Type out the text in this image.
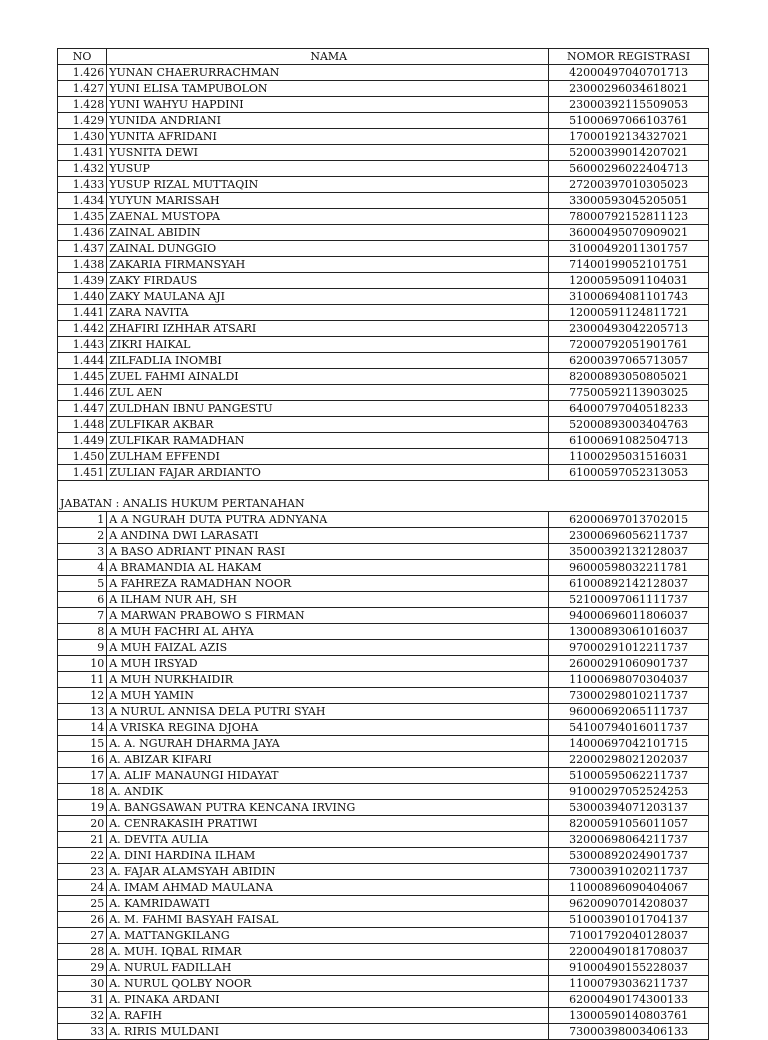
NO	NAMA	NOMOR REGISTRASI
1.426	YUNAN CHAERURRACHMAN	42000497040701713
1.427	YUNI ELISA TAMPUBOLON	23000296034618021
1.428	YUNI WAHYU HAPDINI	23000392115509053
1.429	YUNIDA ANDRIANI	51000697066103761
1.430	YUNITA AFRIDANI	17000192134327021
1.431	YUSNITA DEWI	52000399014207021
1.432	YUSUP	56000296022404713
1.433	YUSUP RIZAL MUTTAQIN	27200397010305023
1.434	YUYUN MARISSAH	33000593045205051
1.435	ZAENAL MUSTOPA	78000792152811123
1.436	ZAINAL ABIDIN	36000495070909021
1.437	ZAINAL DUNGGIO	31000492011301757
1.438	ZAKARIA FIRMANSYAH	71400199052101751
1.439	ZAKY FIRDAUS	12000595091104031
1.440	ZAKY MAULANA AJI	31000694081101743
1.441	ZARA NAVITA	12000591124811721
1.442	ZHAFIRI IZHHAR ATSARI	23000493042205713
1.443	ZIKRI HAIKAL	72000792051901761
1.444	ZILFADLIA INOMBI	62000397065713057
1.445	ZUEL FAHMI AINALDI	82000893050805021
1.446	ZUL AEN	77500592113903025
1.447	ZULDHAN IBNU PANGESTU	64000797040518233
1.448	ZULFIKAR AKBAR	52000893003404763
1.449	ZULFIKAR RAMADHAN	61000691082504713
1.450	ZULHAM EFFENDI	11000295031516031
1.451	ZULIAN FAJAR ARDIANTO	61000597052313053

JABATAN : ANALIS HUKUM PERTANAHAN		
1	A A NGURAH DUTA PUTRA ADNYANA	62000697013702015
2	A ANDINA DWI LARASATI	23000696056211737
3	A BASO ADRIANT PINAN RASI	35000392132128037
4	A BRAMANDIA AL HAKAM	96000598032211781
5	A FAHREZA RAMADHAN NOOR	61000892142128037
6	A ILHAM NUR AH, SH	52100097061111737
7	A MARWAN PRABOWO S FIRMAN	94000696011806037
8	A MUH FACHRI AL AHYA	13000893061016037
9	A MUH FAIZAL AZIS	97000291012211737
10	A MUH IRSYAD	26000291060901737
11	A MUH NURKHAIDIR	11000698070304037
12	A MUH YAMIN	73000298010211737
13	A NURUL ANNISA DELA PUTRI SYAH	96000692065111737
14	A VRISKA REGINA DJOHA	54100794016011737
15	A. A. NGURAH DHARMA JAYA	14000697042101715
16	A. ABIZAR KIFARI	22000298021202037
17	A. ALIF MANAUNGI HIDAYAT	51000595062211737
18	A. ANDIK	91000297052524253
19	A. BANGSAWAN PUTRA KENCANA IRVING	53000394071203137
20	A. CENRAKASIH PRATIWI	82000591056011057
21	A. DEVITA AULIA	32000698064211737
22	A. DINI HARDINA ILHAM	53000892024901737
23	A. FAJAR ALAMSYAH ABIDIN	73000391020211737
24	A. IMAM AHMAD MAULANA	11000896090404067
25	A. KAMRIDAWATI	96200907014208037
26	A. M. FAHMI BASYAH FAISAL	51000390101704137
27	A. MATTANGKILANG	71001792040128037
28	A. MUH. IQBAL RIMAR	22000490181708037
29	A. NURUL FADILLAH	91000490155228037
30	A. NURUL QOLBY NOOR	11000793036211737
31	A. PINAKA ARDANI	62000490174300133
32	A. RAFIH	13000590140803761
33	A. RIRIS MULDANI	73000398003406133
